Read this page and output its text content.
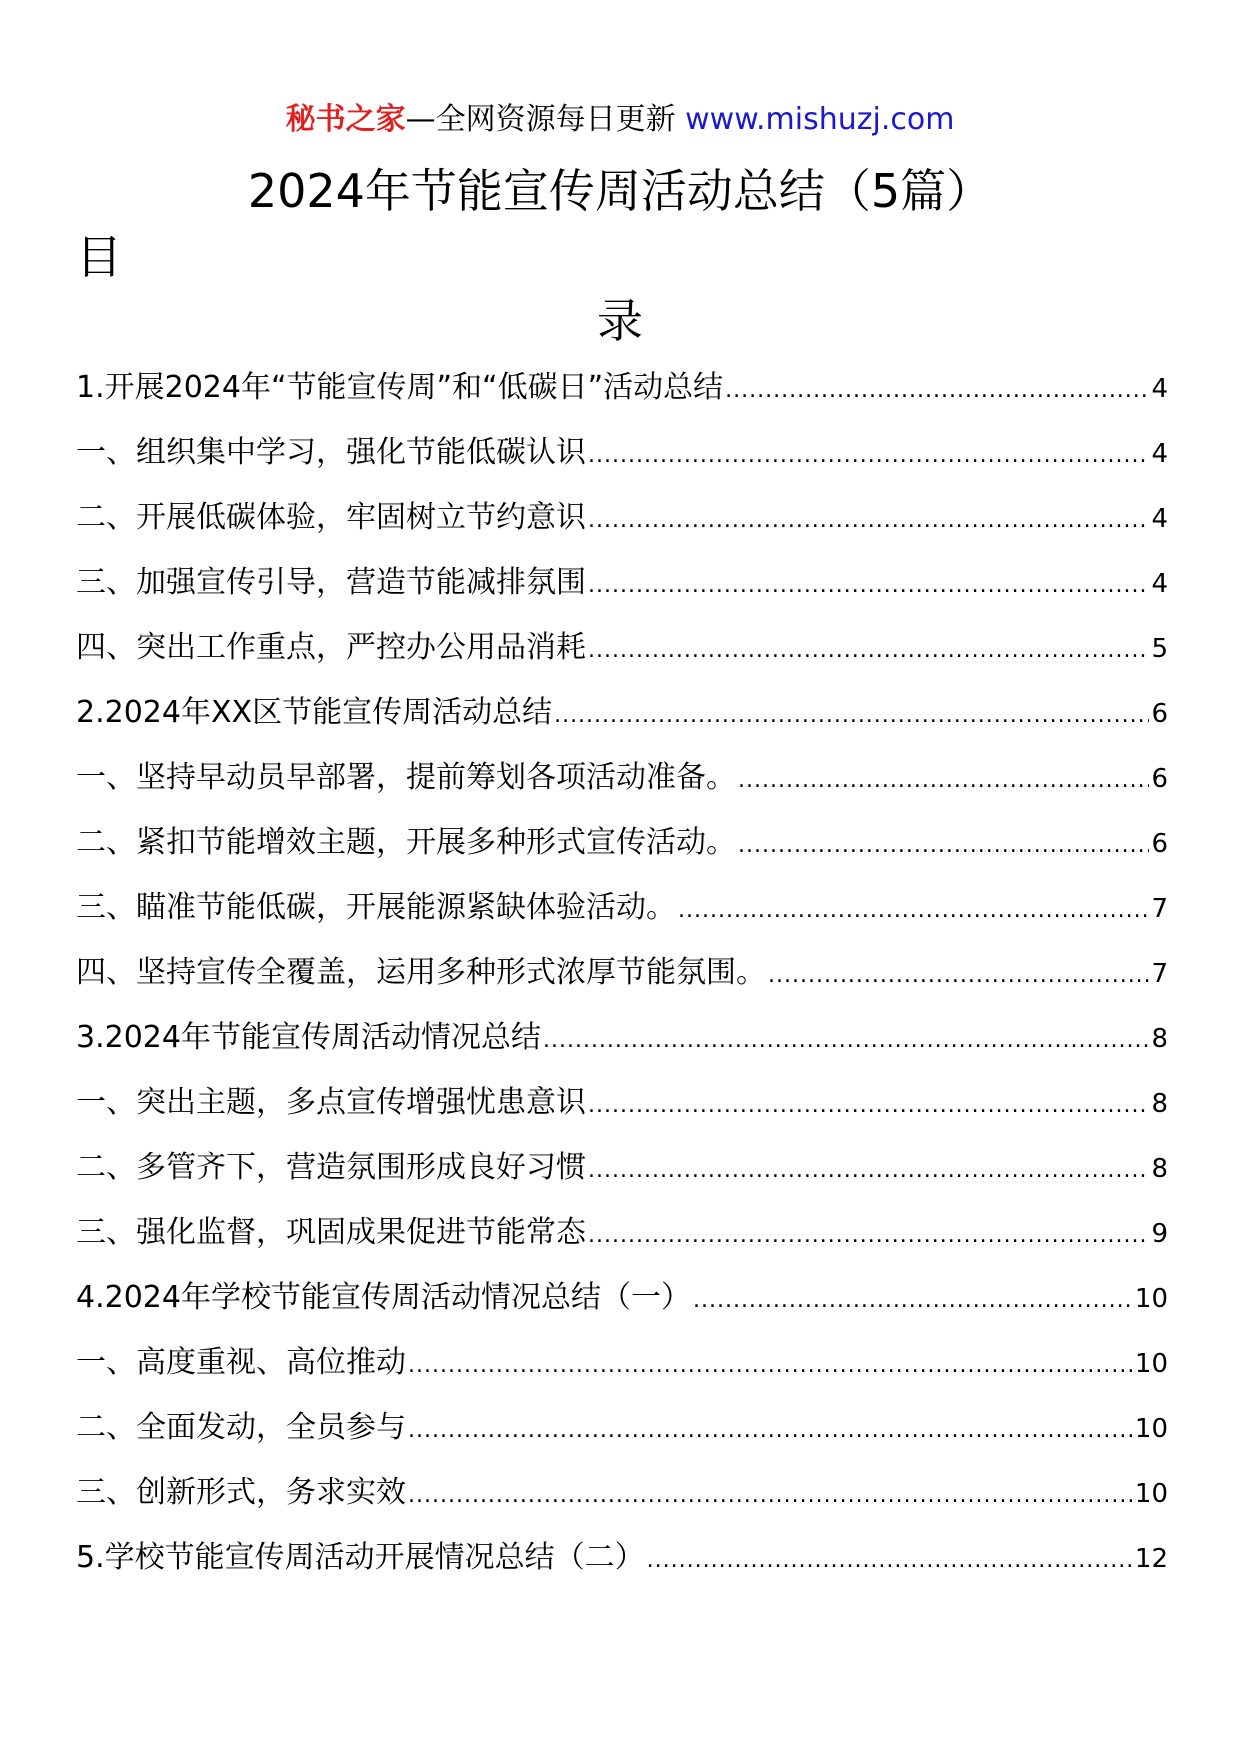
秘书之家—全网资源每日更新 www.mishuzj.com
2024年节能宣传周活动总结（5篇）
目
录
1.开展2024年“节能宣传周”和“低碳日”活动总结 .....	4
一、组织集中学习，强化节能低碳认识 .....	4
二、开展低碳体验，牢固树立节约意识 .....	4
三、加强宣传引导，营造节能减排氛围 .....	4
四、突出工作重点，严控办公用品消耗 .....	5
2.2024年XX区节能宣传周活动总结 .....	6
一、坚持早动员早部署，提前筹划各项活动准备。 .....	6
二、紧扣节能增效主题，开展多种形式宣传活动。 .....	6
三、瞄准节能低碳，开展能源紧缺体验活动。 .....	7
四、坚持宣传全覆盖，运用多种形式浓厚节能氛围。 .....	7
3.2024年节能宣传周活动情况总结 .....	8
一、突出主题，多点宣传增强忧患意识 .....	8
二、多管齐下，营造氛围形成良好习惯 .....	8
三、强化监督，巩固成果促进节能常态 .....	9
4.2024年学校节能宣传周活动情况总结（一） .....	10
一、高度重视、高位推动 .....	10
二、全面发动，全员参与 .....	10
三、创新形式，务求实效 .....	10
5.学校节能宣传周活动开展情况总结（二） .....	12
